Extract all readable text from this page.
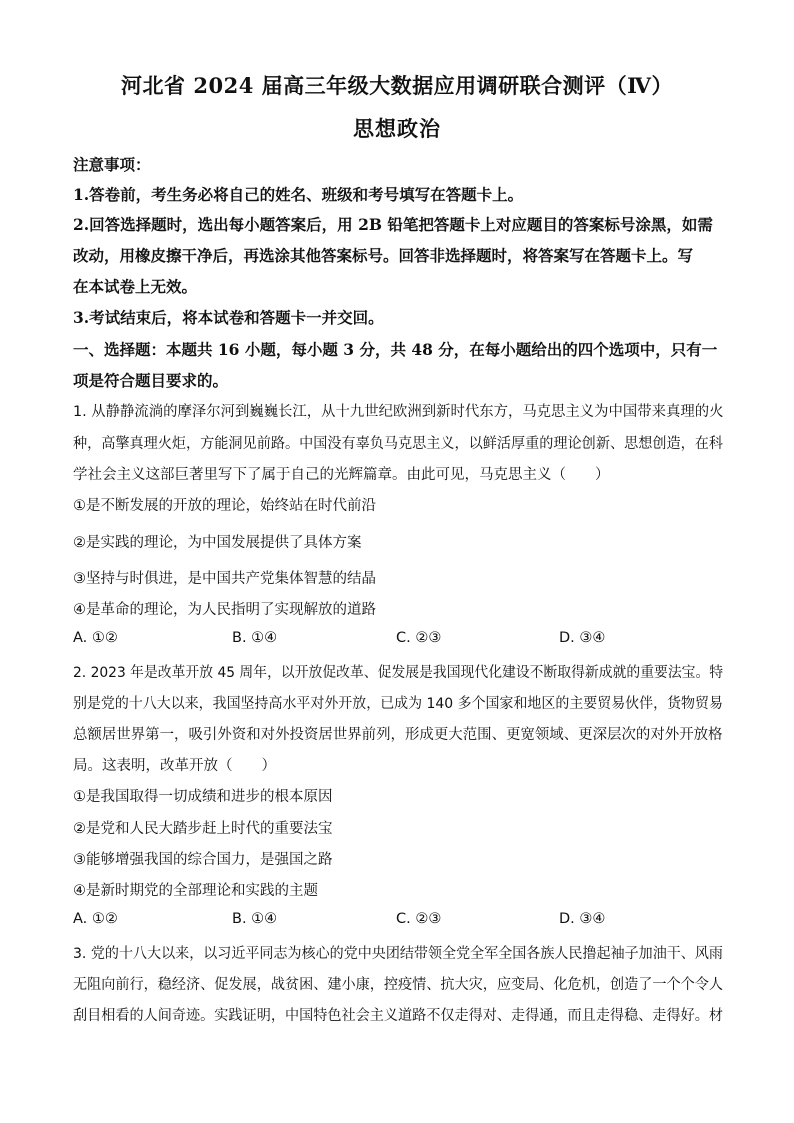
河北省 2024 届高三年级大数据应用调研联合测评（Ⅳ）
思想政治
注意事项：
1.答卷前，考生务必将自己的姓名、班级和考号填写在答题卡上。
2.回答选择题时，选出每小题答案后，用 2B 铅笔把答题卡上对应题目的答案标号涂黑，如需
改动，用橡皮擦干净后，再选涂其他答案标号。回答非选择题时，将答案写在答题卡上。写
在本试卷上无效。
3.考试结束后，将本试卷和答题卡一并交回。
一、选择题：本题共 16 小题，每小题 3 分，共 48 分，在每小题给出的四个选项中，只有一
项是符合题目要求的。
1. 从静静流淌的摩泽尔河到巍巍长江，从十九世纪欧洲到新时代东方，马克思主义为中国带来真理的火
种，高擎真理火炬，方能洞见前路。中国没有辜负马克思主义，以鲜活厚重的理论创新、思想创造，在科
学社会主义这部巨著里写下了属于自己的光辉篇章。由此可见，马克思主义（　　）
①是不断发展的开放的理论，始终站在时代前沿
②是实践的理论，为中国发展提供了具体方案
③坚持与时俱进，是中国共产党集体智慧的结晶
④是革命的理论，为人民指明了实现解放的道路
A. ①②	B. ①④	C. ②③	D. ③④
2. 2023 年是改革开放 45 周年，以开放促改革、促发展是我国现代化建设不断取得新成就的重要法宝。特
别是党的十八大以来，我国坚持高水平对外开放，已成为 140 多个国家和地区的主要贸易伙伴，货物贸易
总额居世界第一，吸引外资和对外投资居世界前列，形成更大范围、更宽领域、更深层次的对外开放格
局。这表明，改革开放（　　）
①是我国取得一切成绩和进步的根本原因
②是党和人民大踏步赶上时代的重要法宝
③能够增强我国的综合国力，是强国之路
④是新时期党的全部理论和实践的主题
A. ①②	B. ①④	C. ②③	D. ③④
3. 党的十八大以来，以习近平同志为核心的党中央团结带领全党全军全国各族人民撸起袖子加油干、风雨
无阻向前行，稳经济、促发展，战贫困、建小康，控疫情、抗大灾，应变局、化危机，创造了一个个令人
刮目相看的人间奇迹。实践证明，中国特色社会主义道路不仅走得对、走得通，而且走得稳、走得好。材
